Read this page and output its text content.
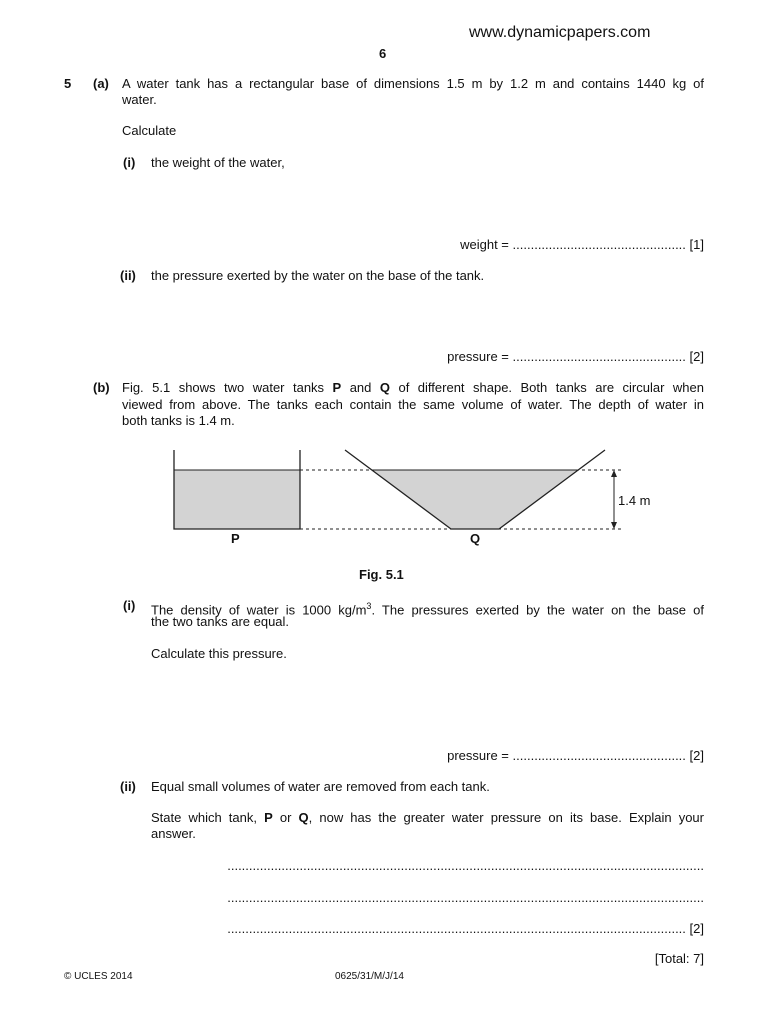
www.dynamicpapers.com
6
5 (a) A water tank has a rectangular base of dimensions 1.5 m by 1.2 m and contains 1440 kg of
water.
Calculate
(i) the weight of the water,
weight = ................................................ [1]
(ii) the pressure exerted by the water on the base of the tank.
pressure = ................................................ [2]
(b) Fig. 5.1 shows two water tanks P and Q of different shape. Both tanks are circular when
viewed from above. The tanks each contain the same volume of water. The depth of water in
both tanks is 1.4 m.
1.4 m
P	Q
Fig. 5.1
(i) The density of water is 1000 $kg/m^3$. The pressures exerted by the water on the base of
the two tanks are equal.
Calculate this pressure.
pressure = ................................................ [2]
(ii) Equal small volumes of water are removed from each tank.
State which tank, P or Q, now has the greater water pressure on its base. Explain your
answer.
....................................................................................................................................
....................................................................................................................................
............................................................................................................................... [2]
[Total: 7]
© UCLES 2014	0625/31/M/J/14
